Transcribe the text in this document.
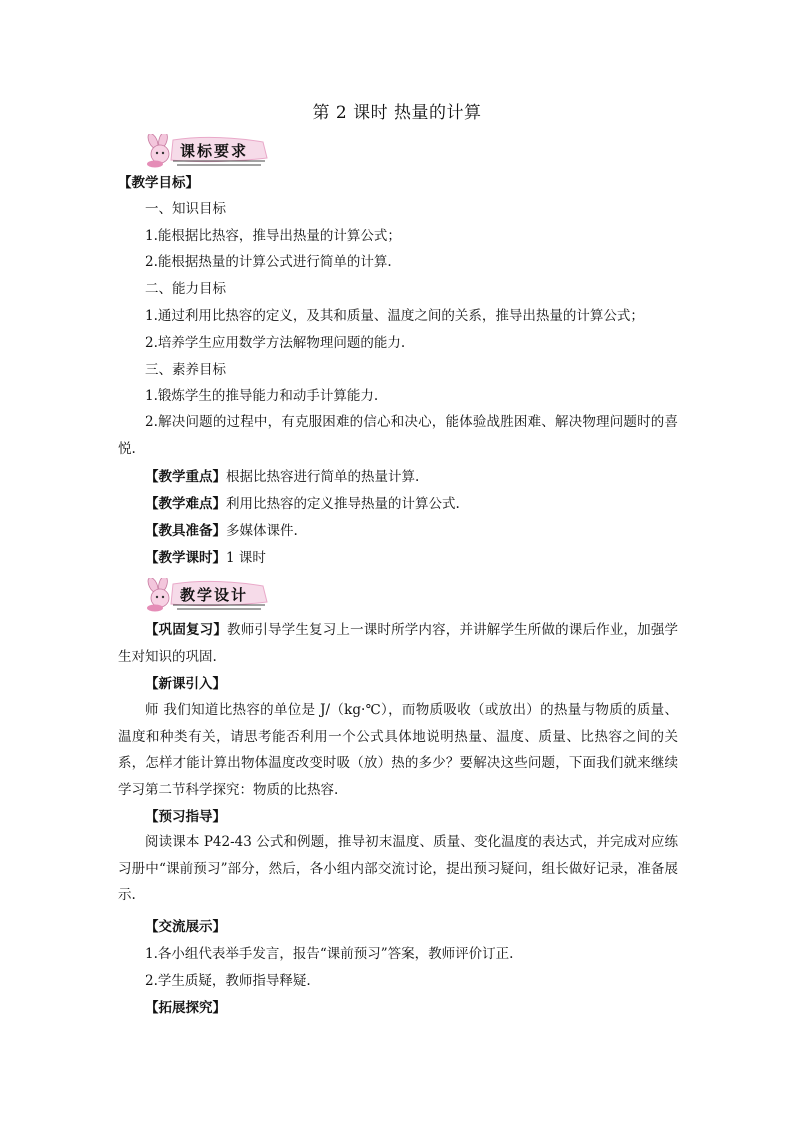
第 2 课时 热量的计算
课标要求
【教学目标】
一、知识目标
1.能根据比热容，推导出热量的计算公式；
2.能根据热量的计算公式进行简单的计算.
二、能力目标
1.通过利用比热容的定义，及其和质量、温度之间的关系，推导出热量的计算公式；
2.培养学生应用数学方法解物理问题的能力.
三、素养目标
1.锻炼学生的推导能力和动手计算能力.
2.解决问题的过程中，有克服困难的信心和决心，能体验战胜困难、解决物理问题时的喜悦.
【教学重点】根据比热容进行简单的热量计算.
【教学难点】利用比热容的定义推导热量的计算公式.
【教具准备】多媒体课件.
【教学课时】1 课时
教学设计
【巩固复习】教师引导学生复习上一课时所学内容，并讲解学生所做的课后作业，加强学生对知识的巩固.
【新课引入】
师 我们知道比热容的单位是 J/（kg·℃），而物质吸收（或放出）的热量与物质的质量、温度和种类有关，请思考能否利用一个公式具体地说明热量、温度、质量、比热容之间的关系，怎样才能计算出物体温度改变时吸（放）热的多少？要解决这些问题，下面我们就来继续学习第二节科学探究：物质的比热容.
【预习指导】
阅读课本 P42-43 公式和例题，推导初末温度、质量、变化温度的表达式，并完成对应练习册中“课前预习”部分，然后，各小组内部交流讨论，提出预习疑问，组长做好记录，准备展示.
【交流展示】
1.各小组代表举手发言，报告“课前预习”答案，教师评价订正.
2.学生质疑，教师指导释疑.
【拓展探究】
